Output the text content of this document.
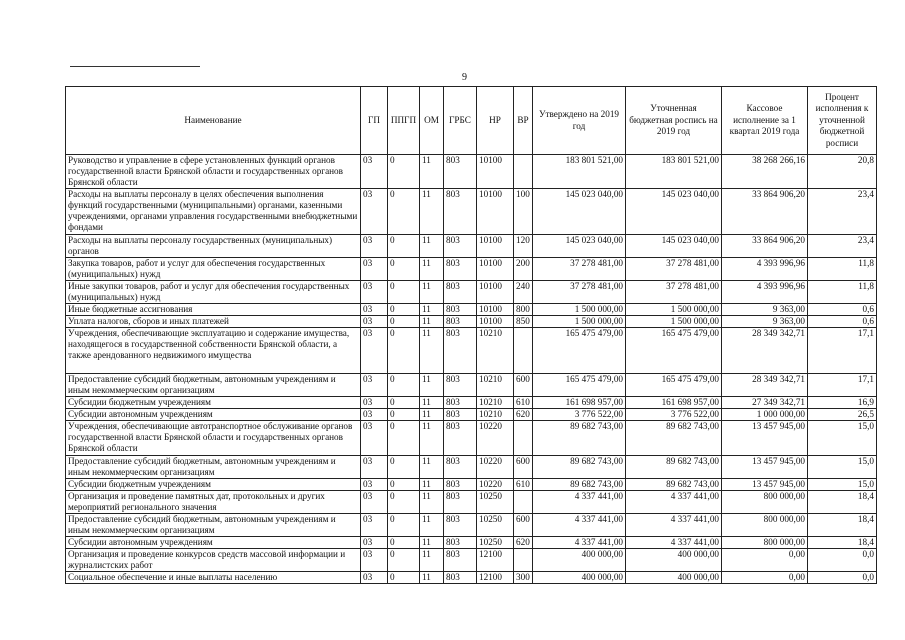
9
Наименование	ГП	ППГП	ОМ	ГРБС	НР	ВР	Утверждено на 2019 год	Уточненная бюджетная роспись на 2019 год	Кассовое исполнение за 1 квартал 2019 года	Процент исполнения к уточненной бюджетной росписи
Руководство и управление в сфере установленных функций органов государственной власти Брянской области и государственных органов Брянской области	03	0	11	803	10100		183 801 521,00	183 801 521,00	38 268 266,16	20,8
Расходы на выплаты персоналу в целях обеспечения выполнения функций государственными (муниципальными) органами, казенными учреждениями, органами управления государственными внебюджетными фондами	03	0	11	803	10100	100	145 023 040,00	145 023 040,00	33 864 906,20	23,4
Расходы на выплаты персоналу государственных (муниципальных) органов	03	0	11	803	10100	120	145 023 040,00	145 023 040,00	33 864 906,20	23,4
Закупка товаров, работ и услуг для обеспечения государственных (муниципальных) нужд	03	0	11	803	10100	200	37 278 481,00	37 278 481,00	4 393 996,96	11,8
Иные закупки товаров, работ и услуг для обеспечения государственных (муниципальных) нужд	03	0	11	803	10100	240	37 278 481,00	37 278 481,00	4 393 996,96	11,8
Иные бюджетные ассигнования	03	0	11	803	10100	800	1 500 000,00	1 500 000,00	9 363,00	0,6
Уплата налогов, сборов и иных платежей	03	0	11	803	10100	850	1 500 000,00	1 500 000,00	9 363,00	0,6
Учреждения, обеспечивающие эксплуатацию и содержание имущества, находящегося в государственной собственности Брянской области, а также арендованного недвижимого имущества	03	0	11	803	10210		165 475 479,00	165 475 479,00	28 349 342,71	17,1
Предоставление субсидий бюджетным, автономным учреждениям и иным некоммерческим организациям	03	0	11	803	10210	600	165 475 479,00	165 475 479,00	28 349 342,71	17,1
Субсидии бюджетным учреждениям	03	0	11	803	10210	610	161 698 957,00	161 698 957,00	27 349 342,71	16,9
Субсидии автономным учреждениям	03	0	11	803	10210	620	3 776 522,00	3 776 522,00	1 000 000,00	26,5
Учреждения, обеспечивающие автотранспортное обслуживание органов государственной власти Брянской области и государственных органов Брянской области	03	0	11	803	10220		89 682 743,00	89 682 743,00	13 457 945,00	15,0
Предоставление субсидий бюджетным, автономным учреждениям и иным некоммерческим организациям	03	0	11	803	10220	600	89 682 743,00	89 682 743,00	13 457 945,00	15,0
Субсидии бюджетным учреждениям	03	0	11	803	10220	610	89 682 743,00	89 682 743,00	13 457 945,00	15,0
Организация и проведение памятных дат, протокольных и других мероприятий регионального значения	03	0	11	803	10250		4 337 441,00	4 337 441,00	800 000,00	18,4
Предоставление субсидий бюджетным, автономным учреждениям и иным некоммерческим организациям	03	0	11	803	10250	600	4 337 441,00	4 337 441,00	800 000,00	18,4
Субсидии автономным учреждениям	03	0	11	803	10250	620	4 337 441,00	4 337 441,00	800 000,00	18,4
Организация и проведение конкурсов средств массовой информации и журналистских работ	03	0	11	803	12100		400 000,00	400 000,00	0,00	0,0
Социальное обеспечение и иные выплаты населению	03	0	11	803	12100	300	400 000,00	400 000,00	0,00	0,0
